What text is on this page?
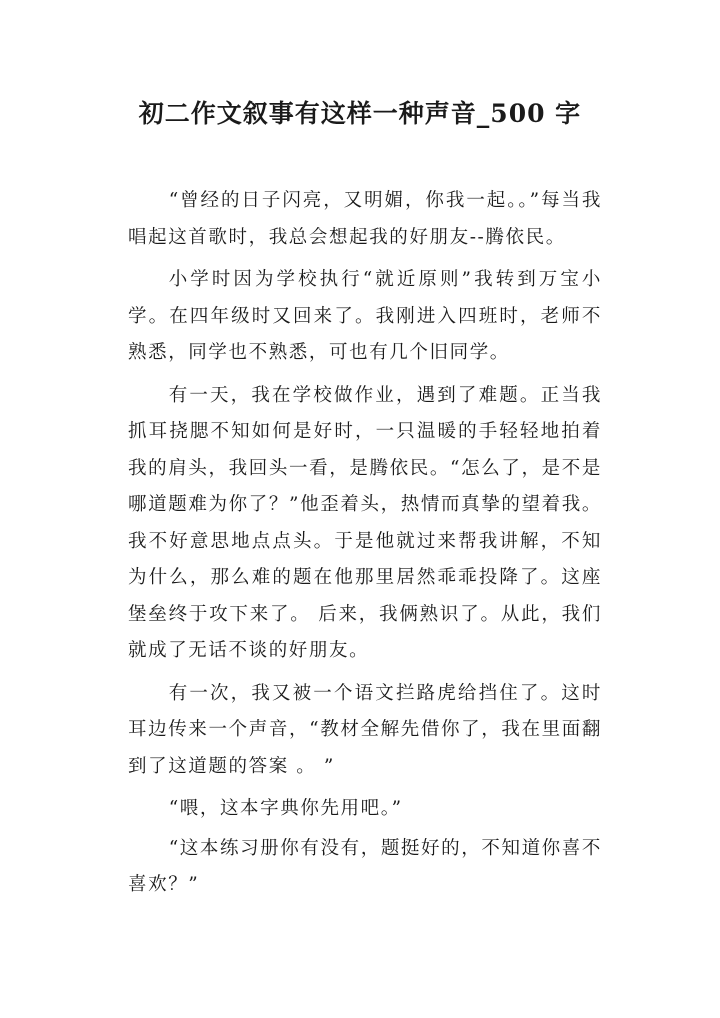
初二作文叙事有这样一种声音_500 字

“曾经的日子闪亮，又明媚，你我一起。。”每当我唱起这首歌时，我总会想起我的好朋友--腾依民。

小学时因为学校执行“就近原则”我转到万宝小学。在四年级时又回来了。我刚进入四班时，老师不熟悉，同学也不熟悉，可也有几个旧同学。

有一天，我在学校做作业，遇到了难题。正当我抓耳挠腮不知如何是好时，一只温暖的手轻轻地拍着我的肩头，我回头一看，是腾依民。“怎么了，是不是哪道题难为你了？”他歪着头，热情而真挚的望着我。我不好意思地点点头。于是他就过来帮我讲解，不知为什么，那么难的题在他那里居然乖乖投降了。这座堡垒终于攻下来了。 后来，我俩熟识了。从此，我们就成了无话不谈的好朋友。

有一次，我又被一个语文拦路虎给挡住了。这时耳边传来一个声音，“教材全解先借你了，我在里面翻到了这道题的答案 。 ”

“喂，这本字典你先用吧。”

“这本练习册你有没有，题挺好的，不知道你喜不喜欢？”
